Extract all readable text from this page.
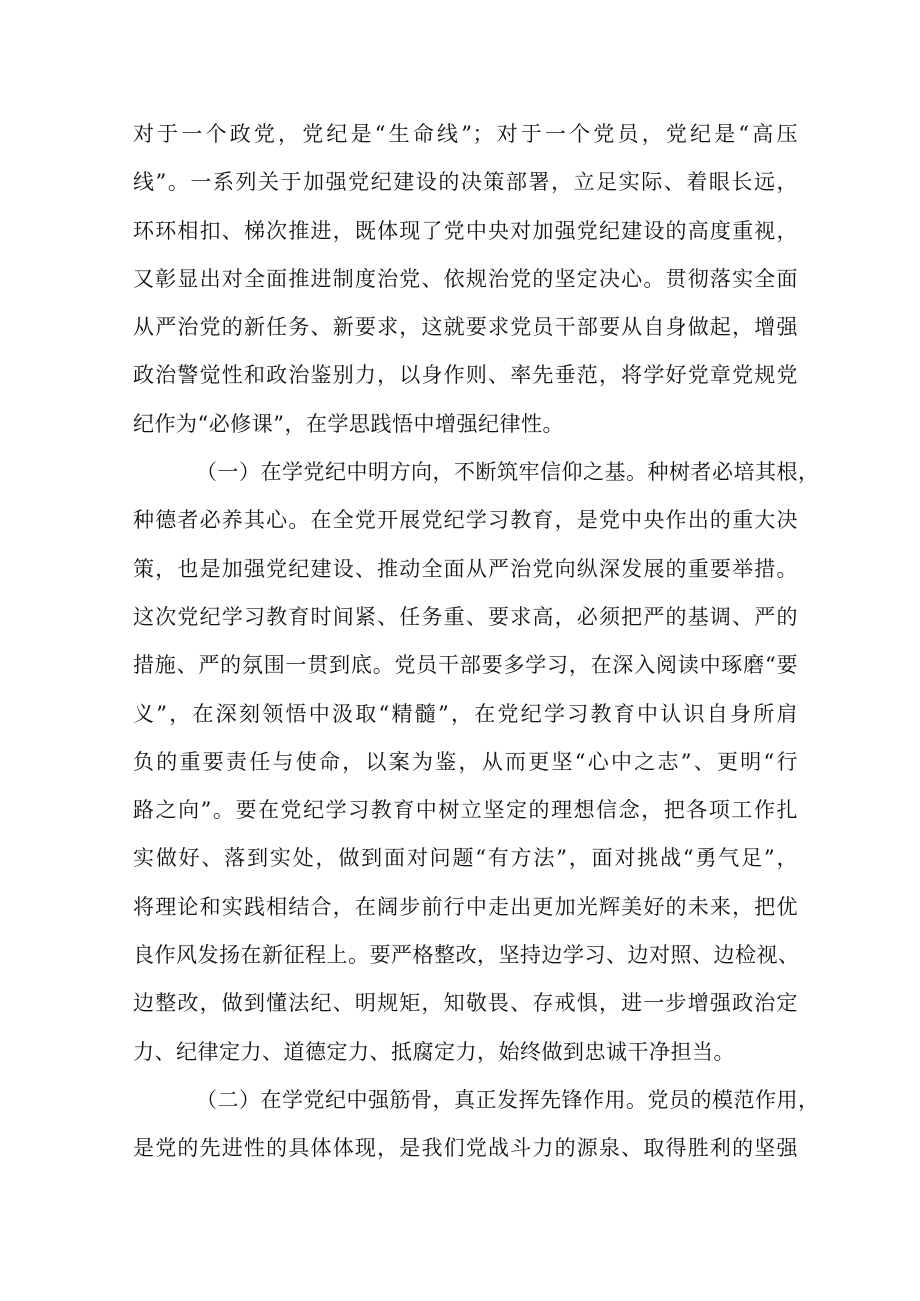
对于一个政党，党纪是“生命线”；对于一个党员，党纪是“高压
线”。一系列关于加强党纪建设的决策部署，立足实际、着眼长远，
环环相扣、梯次推进，既体现了党中央对加强党纪建设的高度重视，
又彰显出对全面推进制度治党、依规治党的坚定决心。贯彻落实全面
从严治党的新任务、新要求，这就要求党员干部要从自身做起，增强
政治警觉性和政治鉴别力，以身作则、率先垂范，将学好党章党规党
纪作为“必修课”，在学思践悟中增强纪律性。
（一）在学党纪中明方向，不断筑牢信仰之基。种树者必培其根，
种德者必养其心。在全党开展党纪学习教育，是党中央作出的重大决
策，也是加强党纪建设、推动全面从严治党向纵深发展的重要举措。
这次党纪学习教育时间紧、任务重、要求高，必须把严的基调、严的
措施、严的氛围一贯到底。党员干部要多学习，在深入阅读中琢磨“要
义”，在深刻领悟中汲取“精髓”，在党纪学习教育中认识自身所肩
负的重要责任与使命，以案为鉴，从而更坚“心中之志”、更明“行
路之向”。要在党纪学习教育中树立坚定的理想信念，把各项工作扎
实做好、落到实处，做到面对问题“有方法”，面对挑战“勇气足”，
将理论和实践相结合，在阔步前行中走出更加光辉美好的未来，把优
良作风发扬在新征程上。要严格整改，坚持边学习、边对照、边检视、
边整改，做到懂法纪、明规矩，知敬畏、存戒惧，进一步增强政治定
力、纪律定力、道德定力、抵腐定力，始终做到忠诚干净担当。
（二）在学党纪中强筋骨，真正发挥先锋作用。党员的模范作用，
是党的先进性的具体体现，是我们党战斗力的源泉、取得胜利的坚强
